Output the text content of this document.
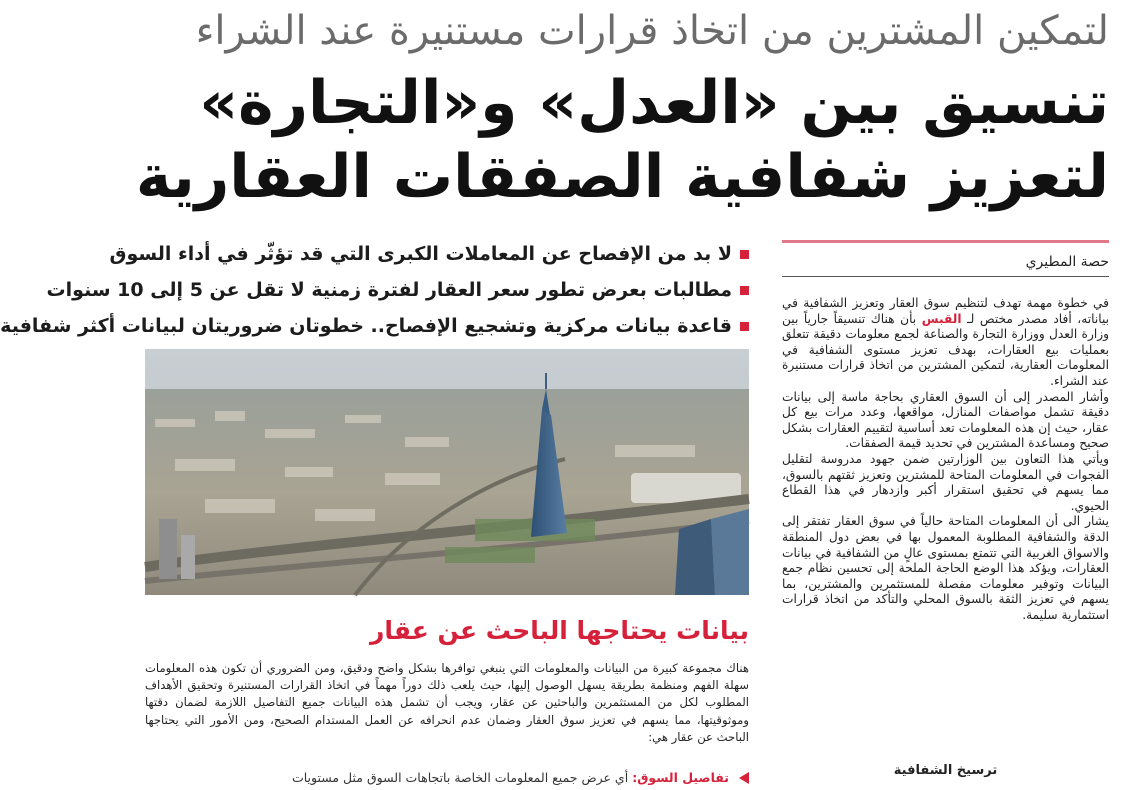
لتمكين المشترين من اتخاذ قرارات مستنيرة عند الشراء
تنسيق بين «العدل» و«التجارة»
لتعزيز شفافية الصفقات العقارية
لا بد من الإفصاح عن المعاملات الكبرى التي قد تؤثّر في أداء السوق
مطالبات بعرض تطور سعر العقار لفترة زمنية لا تقل عن 5 إلى 10 سنوات
قاعدة بيانات مركزية وتشجيع الإفصاح.. خطوتان ضروريتان لبيانات أكثر شفافية
بيانات يحتاجها الباحث عن عقار

هناك مجموعة كبيرة من البيانات والمعلومات التي ينبغي توافرها بشكل واضح ودقيق، ومن الضروري أن تكون هذه المعلومات سهلة الفهم ومنظمة بطريقة يسهل الوصول إليها، حيث يلعب ذلك دوراً مهماً في اتخاذ القرارات المستنيرة وتحقيق الأهداف المطلوب لكل من المستثمرين والباحثين عن عقار، ويجب أن تشمل هذه البيانات جميع التفاصيل اللازمة لضمان دقتها وموثوقيتها، مما يسهم في تعزيز سوق العقار وضمان عدم انحرافه عن العمل المستدام الصحيح، ومن الأمور التي يحتاجها الباحث عن عقار هي:

تفاصيل السوق:
أي عرض جميع المعلومات الخاصة باتجاهات السوق مثل مستويات
حصة المطيري

في خطوة مهمة تهدف لتنظيم سوق العقار وتعزيز الشفافية في بياناته، أفاد مصدر مختص لـ القبس بأن هناك تنسيقاً جارياً بين وزارة العدل ووزارة التجارة والصناعة لجمع معلومات دقيقة تتعلق بعمليات بيع العقارات، بهدف تعزيز مستوى الشفافية في المعلومات العقارية، لتمكين المشترين من اتخاذ قرارات مستنيرة عند الشراء.

وأشار المصدر إلى أن السوق العقاري بحاجة ماسة إلى بيانات دقيقة تشمل مواصفات المنازل، مواقعها، وعدد مرات بيع كل عقار، حيث إن هذه المعلومات تعد أساسية لتقييم العقارات بشكل صحيح ومساعدة المشترين في تحديد قيمة الصفقات.

ويأتي هذا التعاون بين الوزارتين ضمن جهود مدروسة لتقليل الفجوات في المعلومات المتاحة للمشترين وتعزيز ثقتهم بالسوق، مما يسهم في تحقيق استقرار أكبر وازدهار في هذا القطاع الحيوي.

يشار الى أن المعلومات المتاحة حالياً في سوق العقار تفتقر إلى الدقة والشفافية المطلوبة المعمول بها في بعض دول المنطقة والاسواق الغربية التي تتمتع بمستوى عالٍ من الشفافية في بيانات العقارات، ويؤكد هذا الوضع الحاجة الملحة إلى تحسين نظام جمع البيانات وتوفير معلومات مفصلة للمستثمرين والمشترين، بما يسهم في تعزيز الثقة بالسوق المحلي والتأكد من اتخاذ قرارات استثمارية سليمة.

ترسيخ الشفافية
